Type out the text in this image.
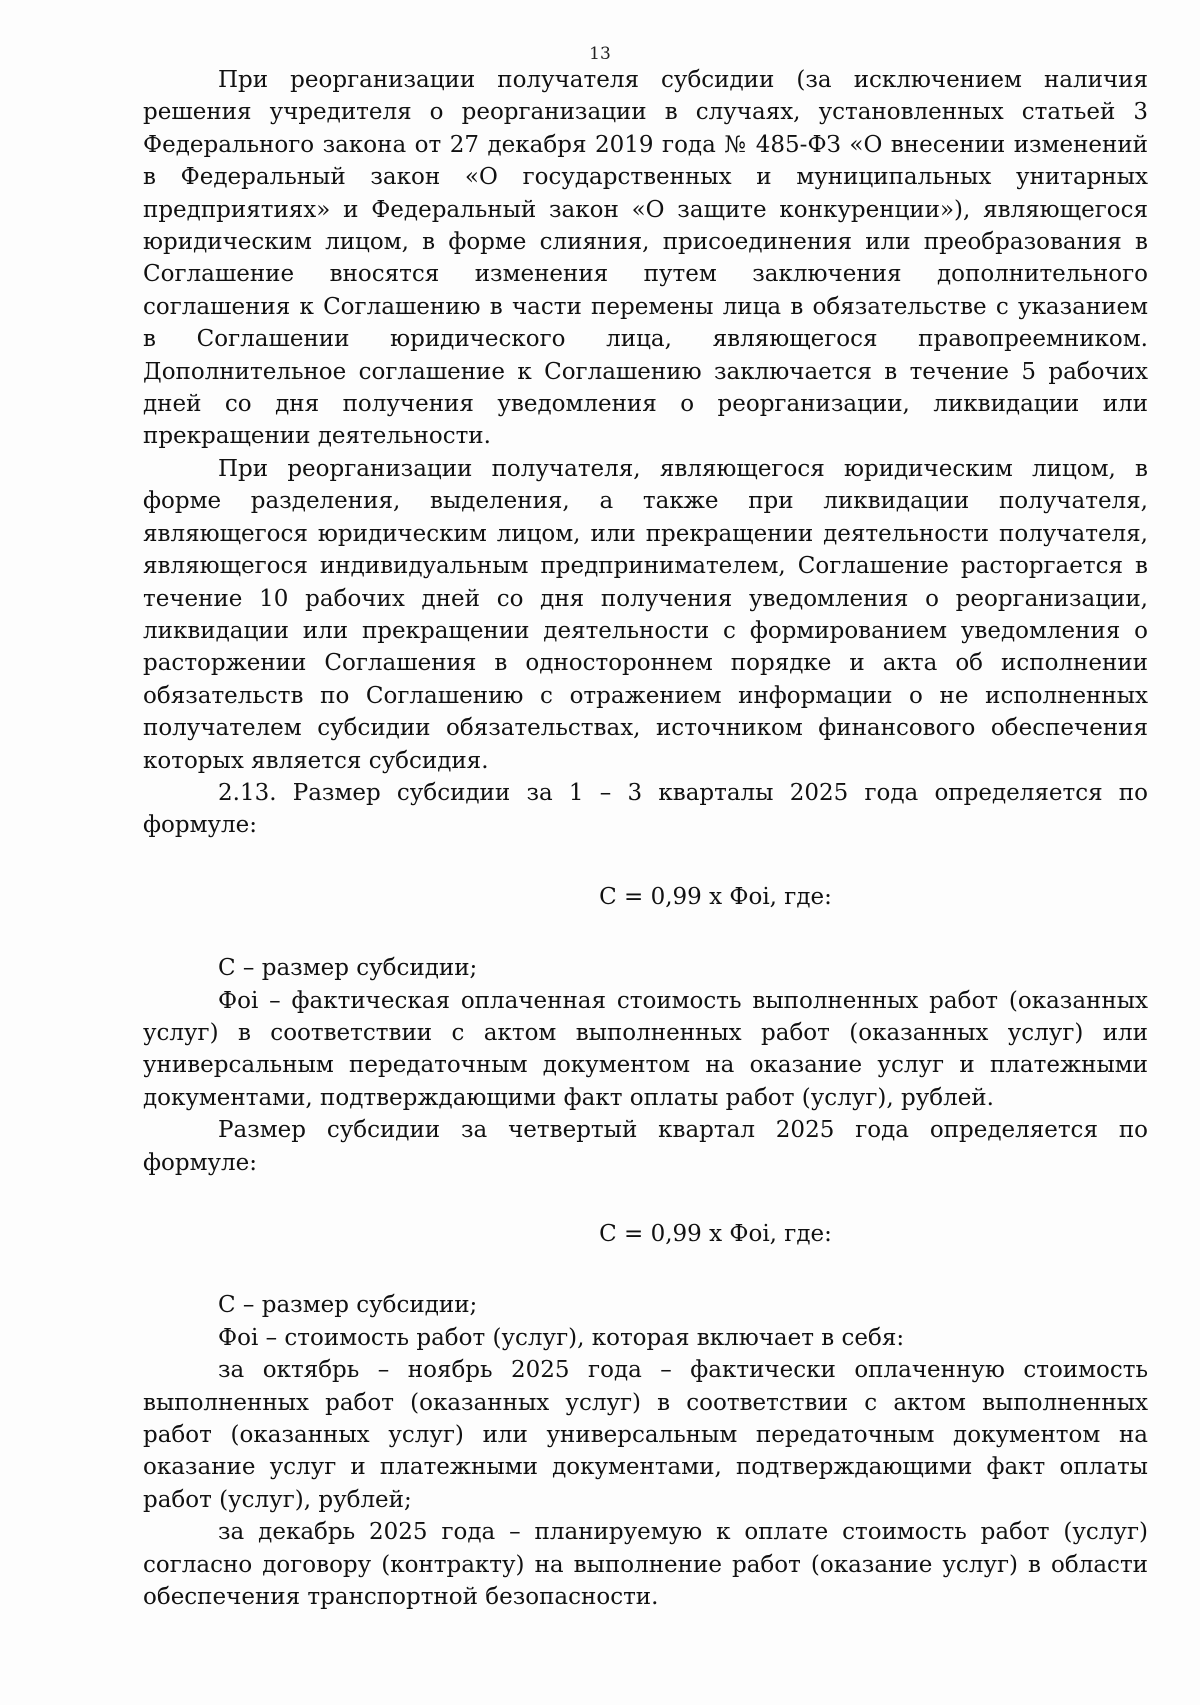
13

При реорганизации получателя субсидии (за исключением наличия решения учредителя о реорганизации в случаях, установленных статьей 3 Федерального закона от 27 декабря 2019 года № 485-ФЗ «О внесении изменений в Федеральный закон «О государственных и муниципальных унитарных предприятиях» и Федеральный закон «О защите конкуренции»), являющегося юридическим лицом, в форме слияния, присоединения или преобразования в Соглашение вносятся изменения путем заключения дополнительного соглашения к Соглашению в части перемены лица в обязательстве с указанием в Соглашении юридического лица, являющегося правопреемником. Дополнительное соглашение к Соглашению заключается в течение 5 рабочих дней со дня получения уведомления о реорганизации, ликвидации или прекращении деятельности.

При реорганизации получателя, являющегося юридическим лицом, в форме разделения, выделения, а также при ликвидации получателя, являющегося юридическим лицом, или прекращении деятельности получателя, являющегося индивидуальным предпринимателем, Соглашение расторгается в течение 10 рабочих дней со дня получения уведомления о реорганизации, ликвидации или прекращении деятельности с формированием уведомления о расторжении Соглашения в одностороннем порядке и акта об исполнении обязательств по Соглашению с отражением информации о не исполненных получателем субсидии обязательствах, источником финансового обеспечения которых является субсидия.

2.13. Размер субсидии за 1 – 3 кварталы 2025 года определяется по формуле:

С = 0,99 х Фоі, где:

С – размер субсидии;

Фоі – фактическая оплаченная стоимость выполненных работ (оказанных услуг) в соответствии с актом выполненных работ (оказанных услуг) или универсальным передаточным документом на оказание услуг и платежными документами, подтверждающими факт оплаты работ (услуг), рублей.

Размер субсидии за четвертый квартал 2025 года определяется по формуле:

С = 0,99 х Фоі, где:

С – размер субсидии;

Фоі – стоимость работ (услуг), которая включает в себя:

за октябрь – ноябрь 2025 года – фактически оплаченную стоимость выполненных работ (оказанных услуг) в соответствии с актом выполненных работ (оказанных услуг) или универсальным передаточным документом на оказание услуг и платежными документами, подтверждающими факт оплаты работ (услуг), рублей;

за декабрь 2025 года – планируемую к оплате стоимость работ (услуг) согласно договору (контракту) на выполнение работ (оказание услуг) в области обеспечения транспортной безопасности.
